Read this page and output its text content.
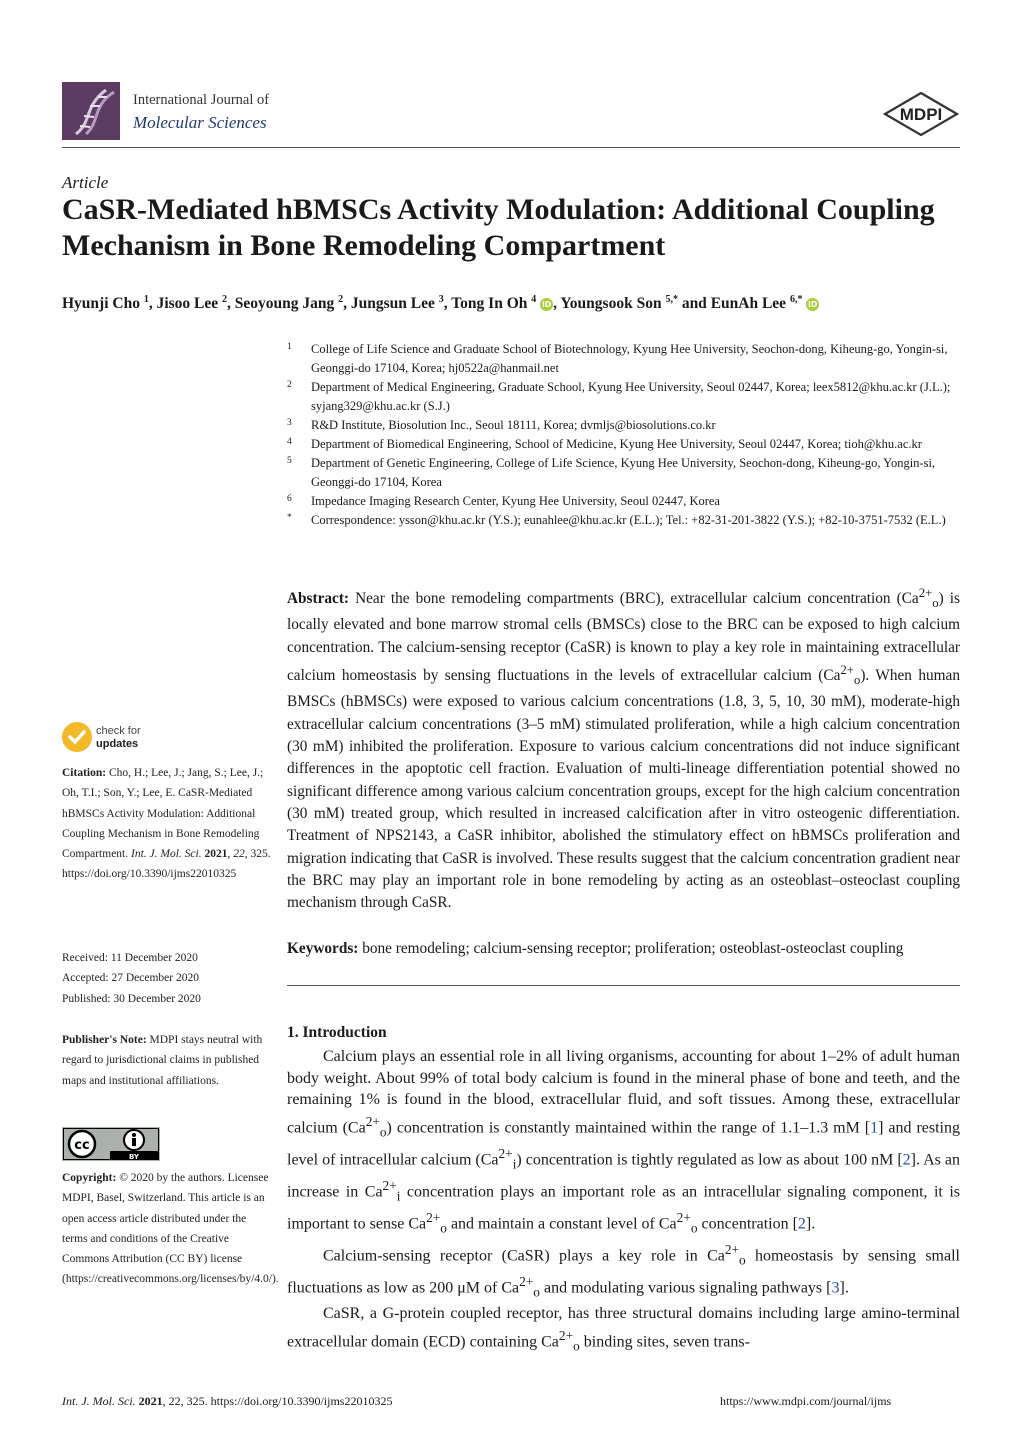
International Journal of
Molecular Sciences	MDPI
Article
CaSR-Mediated hBMSCs Activity Modulation: Additional Coupling Mechanism in Bone Remodeling Compartment
Hyunji Cho $^1$, Jisoo Lee $^2$, Seoyoung Jang $^2$, Jungsun Lee $^3$, Tong In Oh $^4$ iD , Youngsook Son $^{5,*}$ and EunAh Lee $^{6,*}$ iD
1	College of Life Science and Graduate School of Biotechnology, Kyung Hee University, Seochon-dong, Kiheung-go, Yongin-si, Geonggi-do 17104, Korea; hj0522a@hanmail.net
2	Department of Medical Engineering, Graduate School, Kyung Hee University, Seoul 02447, Korea; leex5812@khu.ac.kr (J.L.); syjang329@khu.ac.kr (S.J.)
3	R&D Institute, Biosolution Inc., Seoul 18111, Korea; dvmljs@biosolutions.co.kr
4	Department of Biomedical Engineering, School of Medicine, Kyung Hee University, Seoul 02447, Korea; tioh@khu.ac.kr
5	Department of Genetic Engineering, College of Life Science, Kyung Hee University, Seochon-dong, Kiheung-go, Yongin-si, Geonggi-do 17104, Korea
6	Impedance Imaging Research Center, Kyung Hee University, Seoul 02447, Korea
*	Correspondence: ysson@khu.ac.kr (Y.S.); eunahlee@khu.ac.kr (E.L.); Tel.: +82-31-201-3822 (Y.S.); +82-10-3751-7532 (E.L.)
Abstract: Near the bone remodeling compartments (BRC), extracellular calcium concentration $(Ca^{2+}_o)$ is locally elevated and bone marrow stromal cells (BMSCs) close to the BRC can be exposed to high calcium concentration. The calcium-sensing receptor (CaSR) is known to play a key role in maintaining extracellular calcium homeostasis by sensing fluctuations in the levels of extracellular calcium $(Ca^{2+}_o)$. When human BMSCs (hBMSCs) were exposed to various calcium concentrations (1.8, 3, 5, 10, 30 mM), moderate-high extracellular calcium concentrations (3–5 mM) stimulated proliferation, while a high calcium concentration (30 mM) inhibited the proliferation. Exposure to various calcium concentrations did not induce significant differences in the apoptotic cell fraction. Evaluation of multi-lineage differentiation potential showed no significant difference among various calcium concentration groups, except for the high calcium concentration (30 mM) treated group, which resulted in increased calcification after in vitro osteogenic differentiation. Treatment of NPS2143, a CaSR inhibitor, abolished the stimulatory effect on hBMSCs proliferation and migration indicating that CaSR is involved. These results suggest that the calcium concentration gradient near the BRC may play an important role in bone remodeling by acting as an osteoblast–osteoclast coupling mechanism through CaSR.
Keywords: bone remodeling; calcium-sensing receptor; proliferation; osteoblast-osteoclast coupling
1. Introduction

Calcium plays an essential role in all living organisms, accounting for about 1–2% of adult human body weight. About 99% of total body calcium is found in the mineral phase of bone and teeth, and the remaining 1% is found in the blood, extracellular fluid, and soft tissues. Among these, extracellular calcium $(Ca^{2+}_o)$ concentration is constantly maintained within the range of 1.1–1.3 mM [1] and resting level of intracellular calcium $(Ca^{2+}_i)$ concentration is tightly regulated as low as about 100 nM [2]. As an increase in $Ca^{2+}_i$ concentration plays an important role as an intracellular signaling component, it is important to sense $Ca^{2+}_o$ and maintain a constant level of $Ca^{2+}_o$ concentration [2].

Calcium-sensing receptor (CaSR) plays a key role in $Ca^{2+}_o$ homeostasis by sensing small fluctuations as low as 200 μM of $Ca^{2+}_o$ and modulating various signaling pathways [3].

CaSR, a G-protein coupled receptor, has three structural domains including large amino-terminal extracellular domain (ECD) containing $Ca^{2+}_o$ binding sites, seven trans-

check for
updates
Citation: Cho, H.; Lee, J.; Jang, S.; Lee, J.; Oh, T.I.; Son, Y.; Lee, E. CaSR-Mediated hBMSCs Activity Modulation: Additional Coupling Mechanism in Bone Remodeling Compartment. Int. J. Mol. Sci. 2021, 22, 325. https://doi.org/10.3390/ijms22010325
Received: 11 December 2020
Accepted: 27 December 2020
Published: 30 December 2020
Publisher's Note: MDPI stays neutral with regard to jurisdictional claims in published maps and institutional affiliations.
cc
BY
Copyright: © 2020 by the authors. Licensee MDPI, Basel, Switzerland. This article is an open access article distributed under the terms and conditions of the Creative Commons Attribution (CC BY) license (https://creativecommons.org/licenses/by/4.0/).
Int. J. Mol. Sci. 2021, 22, 325. https://doi.org/10.3390/ijms22010325	https://www.mdpi.com/journal/ijms
